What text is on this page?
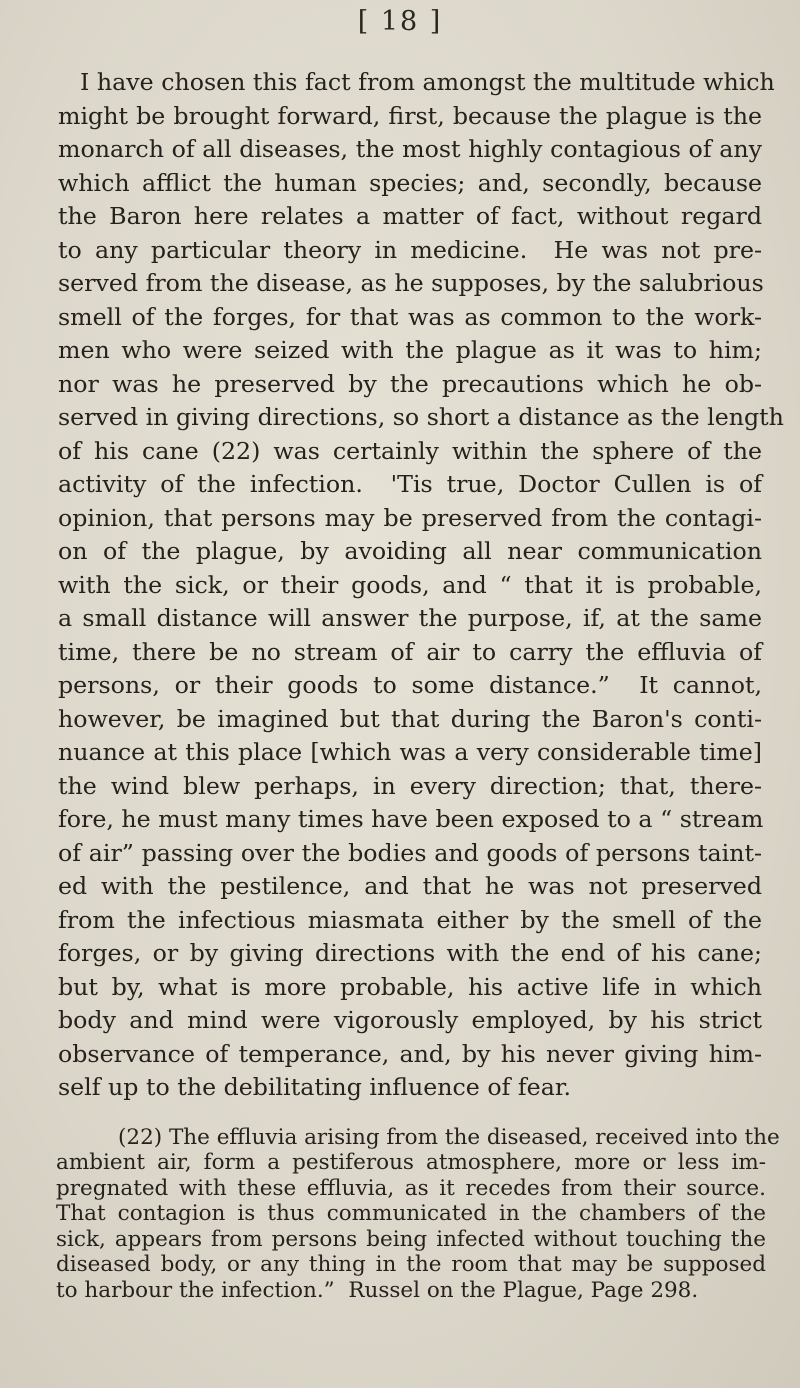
[ 18 ]
I have chosen this fact from amongst the multitude which
might be brought forward, first, because the plague is the
monarch of all diseases, the most highly contagious of any
which afflict the human species; and, secondly, because
the Baron here relates a matter of fact, without regard
to any particular theory in medicine.  He was not pre-
served from the disease, as he supposes, by the salubrious
smell of the forges, for that was as common to the work-
men who were seized with the plague as it was to him;
nor was he preserved by the precautions which he ob-
served in giving directions, so short a distance as the length
of his cane (22) was certainly within the sphere of the
activity of the infection.  'Tis true, Doctor Cullen is of
opinion, that persons may be preserved from the contagi-
on of the plague, by avoiding all near communication
with the sick, or their goods, and “ that it is probable,
a small distance will answer the purpose, if, at the same
time, there be no stream of air to carry the effluvia of
persons, or their goods to some distance.”  It cannot,
however, be imagined but that during the Baron's conti-
nuance at this place [which was a very considerable time]
the wind blew perhaps, in every direction; that, there-
fore, he must many times have been exposed to a “ stream
of air” passing over the bodies and goods of persons taint-
ed with the pestilence, and that he was not preserved
from the infectious miasmata either by the smell of the
forges, or by giving directions with the end of his cane;
but by, what is more probable, his active life in which
body and mind were vigorously employed, by his strict
observance of temperance, and, by his never giving him-
self up to the debilitating influence of fear.
(22) The effluvia arising from the diseased, received into the
ambient air, form a pestiferous atmosphere, more or less im-
pregnated with these effluvia, as it recedes from their source.
That contagion is thus communicated in the chambers of the
sick, appears from persons being infected without touching the
diseased body, or any thing in the room that may be supposed
to harbour the infection.”  Russel on the Plague, Page 298.
